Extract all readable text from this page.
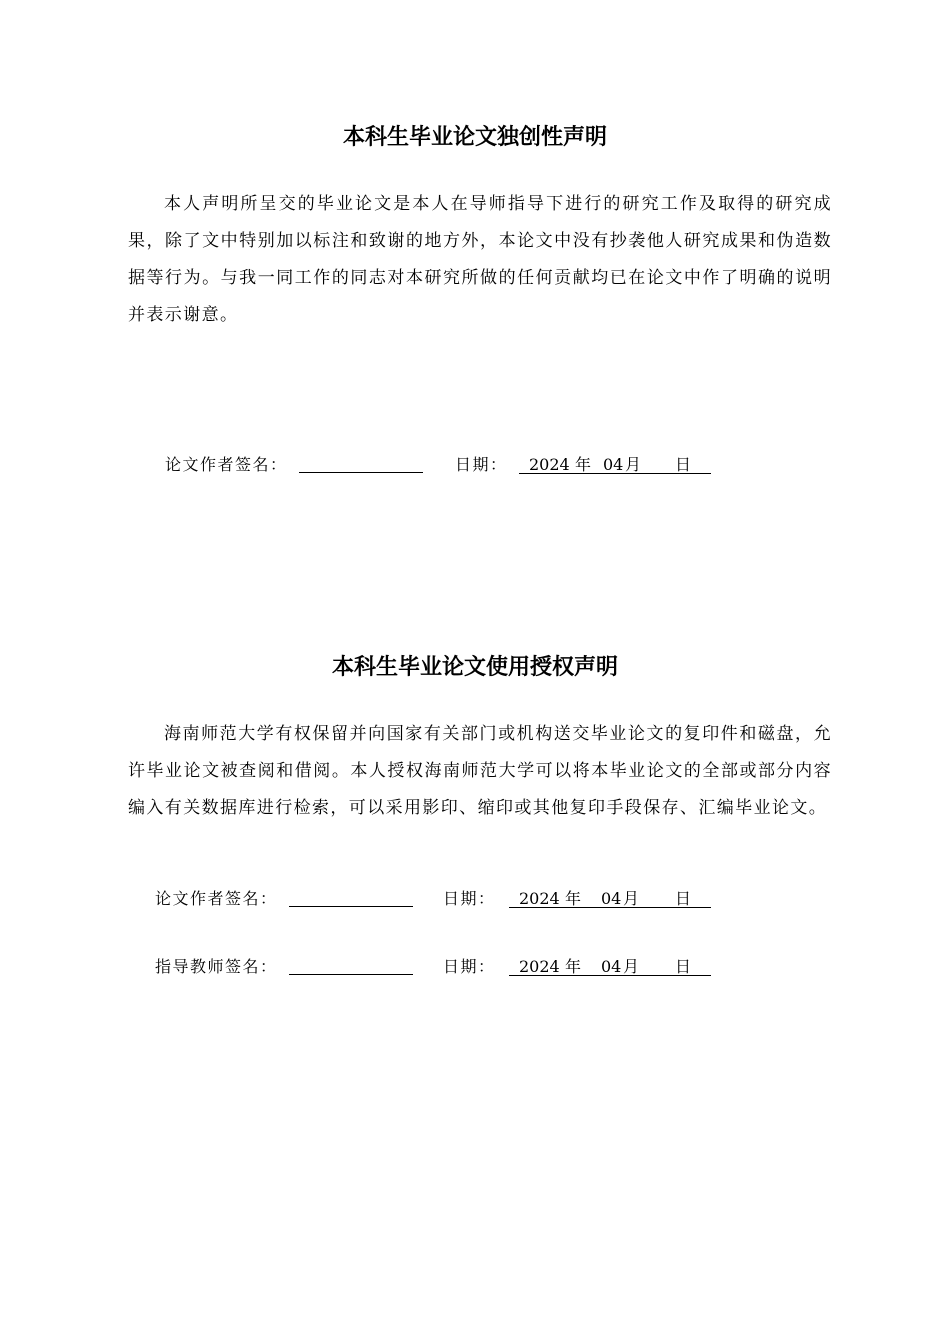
本科生毕业论文独创性声明

本人声明所呈交的毕业论文是本人在导师指导下进行的研究工作及取得的研究成果，除了文中特别加以标注和致谢的地方外，本论文中没有抄袭他人研究成果和伪造数据等行为。与我一同工作的同志对本研究所做的任何贡献均已在论文中作了明确的说明并表示谢意。

论文作者签名：	日期： 2024 年 04 月 日
本科生毕业论文使用授权声明

海南师范大学有权保留并向国家有关部门或机构送交毕业论文的复印件和磁盘，允许毕业论文被查阅和借阅。本人授权海南师范大学可以将本毕业论文的全部或部分内容编入有关数据库进行检索，可以采用影印、缩印或其他复印手段保存、汇编毕业论文。

论文作者签名：	日期： 2024 年 04 月 日
指导教师签名：	日期： 2024 年 04 月 日
